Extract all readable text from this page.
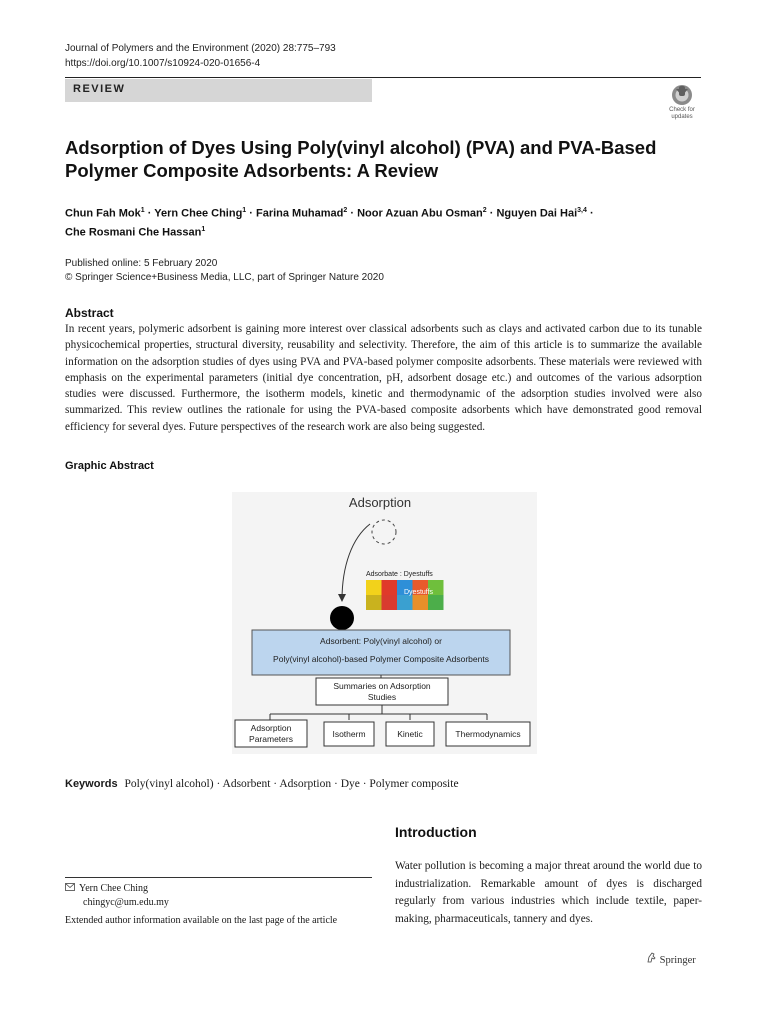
Journal of Polymers and the Environment (2020) 28:775–793
https://doi.org/10.1007/s10924-020-01656-4
REVIEW
Check for
updates
Adsorption of Dyes Using Poly(vinyl alcohol) (PVA) and PVA-Based
Polymer Composite Adsorbents: A Review
Chun Fah Mok$^1$ · Yern Chee Ching$^1$ · Farina Muhamad$^2$ · Noor Azuan Abu Osman$^2$ · Nguyen Dai Hai$^{3,4}$ ·
Che Rosmani Che Hassan$^1$
Published online: 5 February 2020
© Springer Science+Business Media, LLC, part of Springer Nature 2020
Abstract
In recent years, polymeric adsorbent is gaining more interest over classical adsorbents such as clays and activated carbon due to its tunable physicochemical properties, structural diversity, reusability and selectivity. Therefore, the aim of this article is to summarize the available information on the adsorption studies of dyes using PVA and PVA-based polymer composite adsorbents. These materials were reviewed with emphasis on the experimental parameters (initial dye concentration, pH, adsorbent dosage etc.) and outcomes of the various adsorption studies were discussed. Furthermore, the isotherm models, kinetic and thermodynamic of the adsorption studies involved were also summarized. This review outlines the rationale for using the PVA-based composite adsorbents which have demonstrated good removal efficiency for several dyes. Future perspectives of the research work are also being suggested.
Graphic Abstract
Adsorption
Adsorbate : Dyestuffs
Dyestuffs
Adsorbent: Poly(vinyl alcohol) or
Poly(vinyl alcohol)-based Polymer Composite Adsorbents
Summaries on Adsorption
Studies
Adsorption
Parameters	Isotherm	Kinetic	Thermodynamics
Keywords Poly(vinyl alcohol) · Adsorbent · Adsorption · Dye · Polymer composite
Introduction
Water pollution is becoming a major threat around the world due to industrialization. Remarkable amount of dyes is discharged regularly from various industries which include textile, paper-making, pharmaceuticals, tannery and dyes.
Yern Chee Ching
chingyc@um.edu.my
Extended author information available on the last page of the article
Springer
